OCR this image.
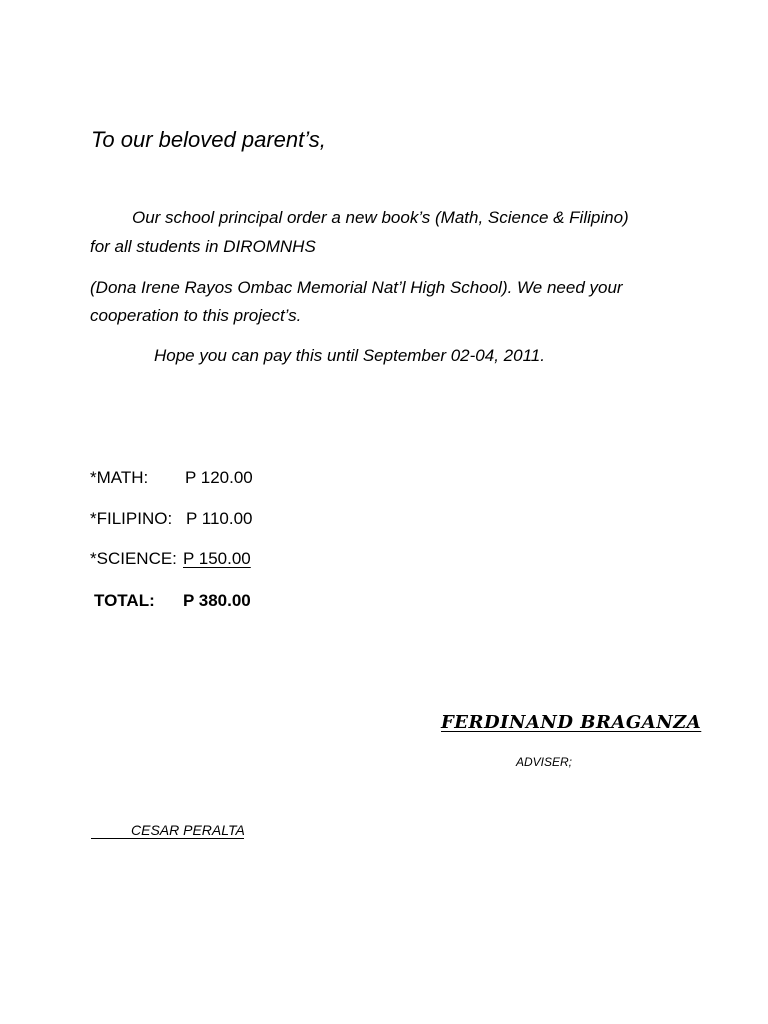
To our beloved parent’s,
Our school principal order a new book’s (Math, Science & Filipino)
for all students in DIROMNHS
(Dona Irene Rayos Ombac Memorial Nat’l High School). We need your
cooperation to this project’s.
Hope you can pay this until September 02-04, 2011.
*MATH: P 120.00
*FILIPINO: P 110.00
*SCIENCE: P 150.00
TOTAL: P 380.00
FERDINAND BRAGANZA
ADVISER;
CESAR PERALTA
